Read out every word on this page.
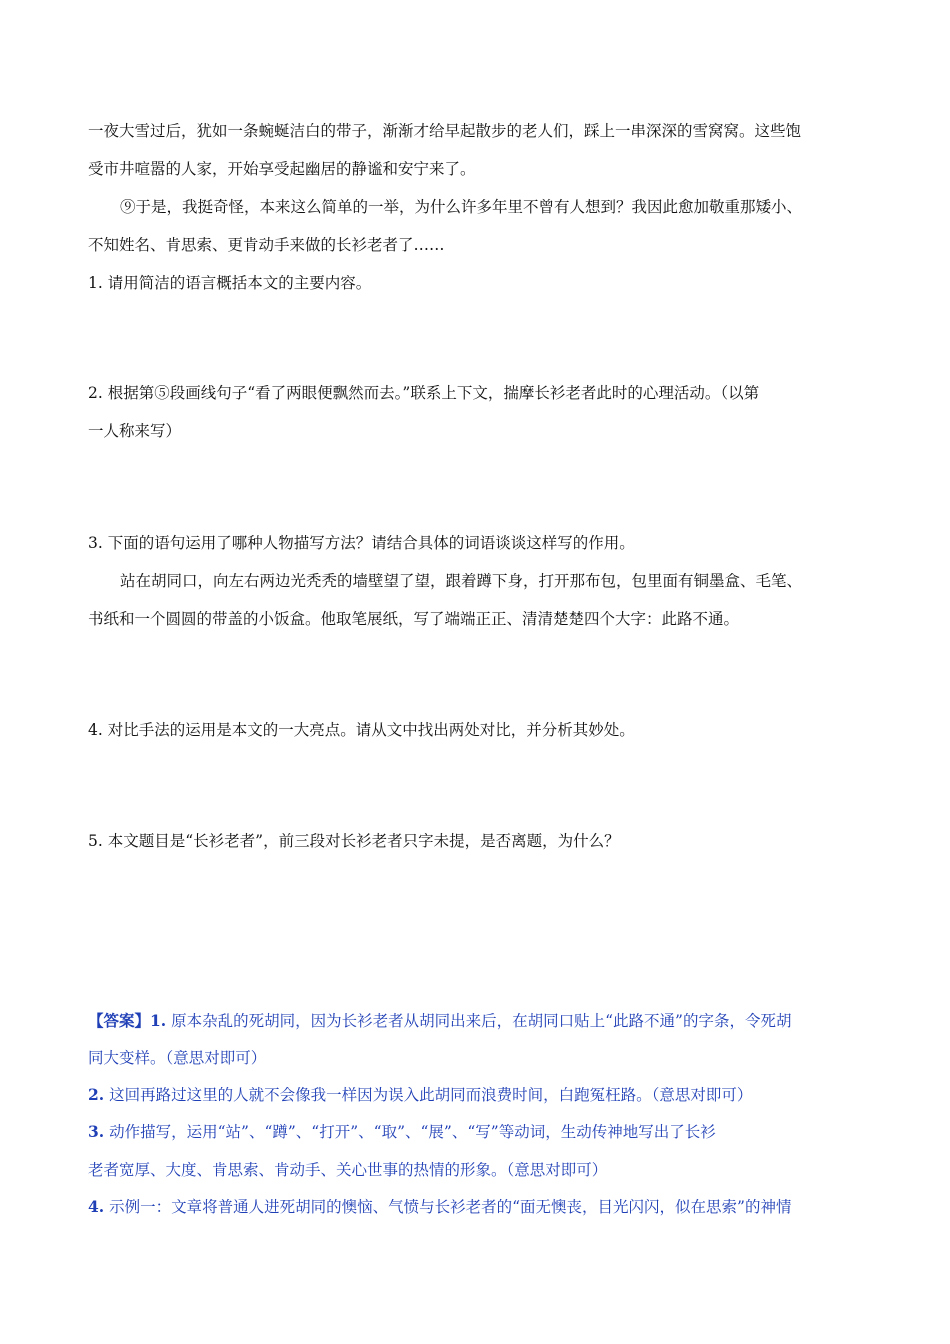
一夜大雪过后，犹如一条蜿蜒洁白的带子，渐渐才给早起散步的老人们，踩上一串深深的雪窝窝。这些饱
受市井喧嚣的人家，开始享受起幽居的静谧和安宁来了。
⑨于是，我挺奇怪，本来这么简单的一举，为什么许多年里不曾有人想到？我因此愈加敬重那矮小、
不知姓名、肯思索、更肯动手来做的长衫老者了……
1. 请用简洁的语言概括本文的主要内容。
2. 根据第⑤段画线句子“看了两眼便飘然而去。”联系上下文，揣摩长衫老者此时的心理活动。（以第
一人称来写）
3. 下面的语句运用了哪种人物描写方法？请结合具体的词语谈谈这样写的作用。
站在胡同口，向左右两边光秃秃的墙壁望了望，跟着蹲下身，打开那布包，包里面有铜墨盒、毛笔、
书纸和一个圆圆的带盖的小饭盒。他取笔展纸，写了端端正正、清清楚楚四个大字：此路不通。
4. 对比手法的运用是本文的一大亮点。请从文中找出两处对比，并分析其妙处。
5. 本文题目是“长衫老者”，前三段对长衫老者只字未提，是否离题，为什么？
【答案】1. 原本杂乱的死胡同，因为长衫老者从胡同出来后，在胡同口贴上“此路不通”的字条，令死胡
同大变样。（意思对即可）
2. 这回再路过这里的人就不会像我一样因为误入此胡同而浪费时间，白跑冤枉路。（意思对即可）
3. 动作描写，运用“站”、“蹲”、“打开”、“取”、“展”、“写”等动词，生动传神地写出了长衫
老者宽厚、大度、肯思索、肯动手、关心世事的热情的形象。（意思对即可）
4. 示例一：文章将普通人进死胡同的懊恼、气愤与长衫老者的“面无懊丧，目光闪闪，似在思索”的神情
